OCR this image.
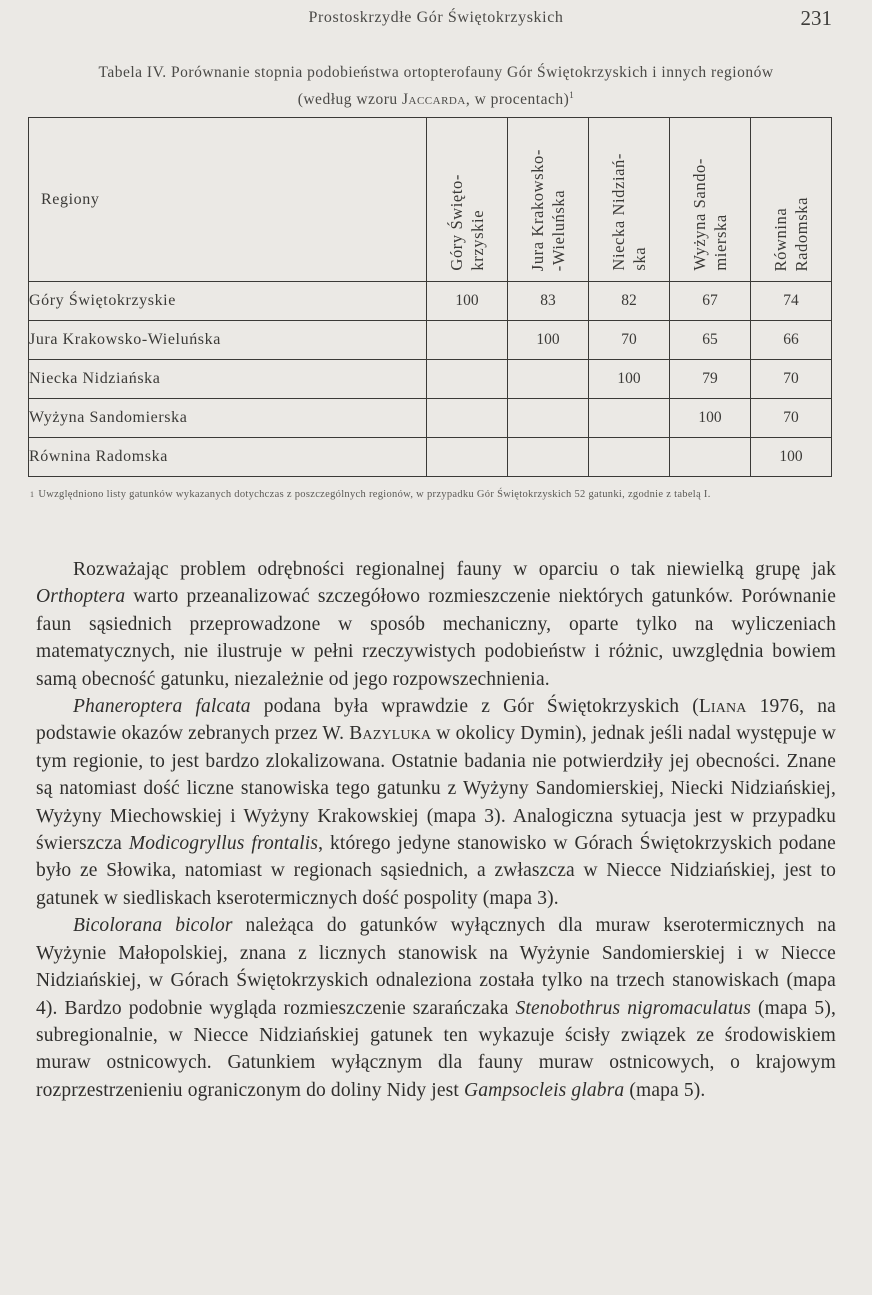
Prostoskrzydłe Gór Świętokrzyskich	231
Tabela IV. Porównanie stopnia podobieństwa ortopterofauny Gór Świętokrzyskich i innych regionów
(według wzoru Jaccarda, w procentach)$^1$
Regiony	Góry Święto- krzyskie	Jura Krakowsko- -Wieluńska	Niecka Nidziań- ska	Wyżyna Sando- mierska	Równina Radomska

Góry Świętokrzyskie	100	83	82	67	74
Jura Krakowsko-Wieluńska		100	70	65	66
Niecka Nidziańska			100	79	70
Wyżyna Sandomierska				100	70
Równina Radomska					100
$^1$ Uwzględniono listy gatunków wykazanych dotychczas z poszczególnych regionów, w przypadku Gór Świętokrzyskich 52 gatunki, zgodnie z tabelą I.

Rozważając problem odrębności regionalnej fauny w oparciu o tak niewielką grupę jak Orthoptera warto przeanalizować szczegółowo rozmieszczenie niektórych gatunków. Porównanie faun sąsiednich przeprowadzone w sposób mechaniczny, oparte tylko na wyliczeniach matematycznych, nie ilustruje w pełni rzeczywistych podobieństw i różnic, uwzględnia bowiem samą obecność gatunku, niezależnie od jego rozpowszechnienia.

Phaneroptera falcata podana była wprawdzie z Gór Świętokrzyskich (Liana 1976, na podstawie okazów zebranych przez W. Bazyluka w okolicy Dymin), jednak jeśli nadal występuje w tym regionie, to jest bardzo zlokalizowana. Ostatnie badania nie potwierdziły jej obecności. Znane są natomiast dość liczne stanowiska tego gatunku z Wyżyny Sandomierskiej, Niecki Nidziańskiej, Wyżyny Miechowskiej i Wyżyny Krakowskiej (mapa 3). Analogiczna sytuacja jest w przypadku świerszcza Modicogryllus frontalis, którego jedyne stanowisko w Górach Świętokrzyskich podane było ze Słowika, natomiast w regionach sąsiednich, a zwłaszcza w Niecce Nidziańskiej, jest to gatunek w siedliskach kserotermicznych dość pospolity (mapa 3).

Bicolorana bicolor należąca do gatunków wyłącznych dla muraw kserotermicznych na Wyżynie Małopolskiej, znana z licznych stanowisk na Wyżynie Sandomierskiej i w Niecce Nidziańskiej, w Górach Świętokrzyskich odnaleziona została tylko na trzech stanowiskach (mapa 4). Bardzo podobnie wygląda rozmieszczenie szarańczaka Stenobothrus nigromaculatus (mapa 5), subregionalnie, w Niecce Nidziańskiej gatunek ten wykazuje ścisły związek ze środowiskiem muraw ostnicowych. Gatunkiem wyłącznym dla fauny muraw ostnicowych, o krajowym rozprzestrzenieniu ograniczonym do doliny Nidy jest Gampsocleis glabra (mapa 5).
